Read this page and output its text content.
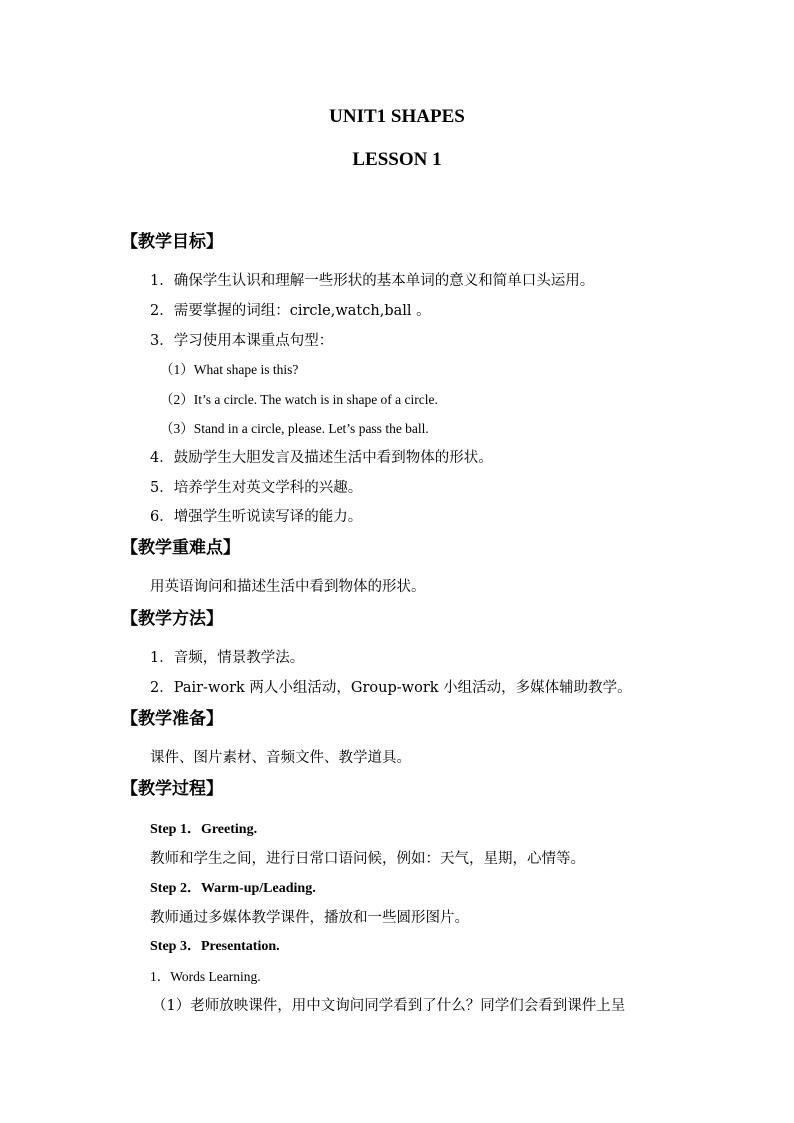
UNIT1 SHAPES
LESSON 1
【教学目标】
1．确保学生认识和理解一些形状的基本单词的意义和简单口头运用。
2．需要掌握的词组：circle,watch,ball 。
3．学习使用本课重点句型：
（1）What shape is this?
（2）It’s a circle. The watch is in shape of a circle.
（3）Stand in a circle, please. Let’s pass the ball.
4．鼓励学生大胆发言及描述生活中看到物体的形状。
5．培养学生对英文学科的兴趣。
6．增强学生听说读写译的能力。
【教学重难点】
用英语询问和描述生活中看到物体的形状。
【教学方法】
1．音频，情景教学法。
2．Pair-work 两人小组活动，Group-work 小组活动，多媒体辅助教学。
【教学准备】
课件、图片素材、音频文件、教学道具。
【教学过程】
Step 1．Greeting.
教师和学生之间，进行日常口语问候，例如：天气，星期，心情等。
Step 2．Warm-up/Leading.
教师通过多媒体教学课件，播放和一些圆形图片。
Step 3．Presentation.
1．Words Learning.
（1）老师放映课件，用中文询问同学看到了什么？同学们会看到课件上呈
